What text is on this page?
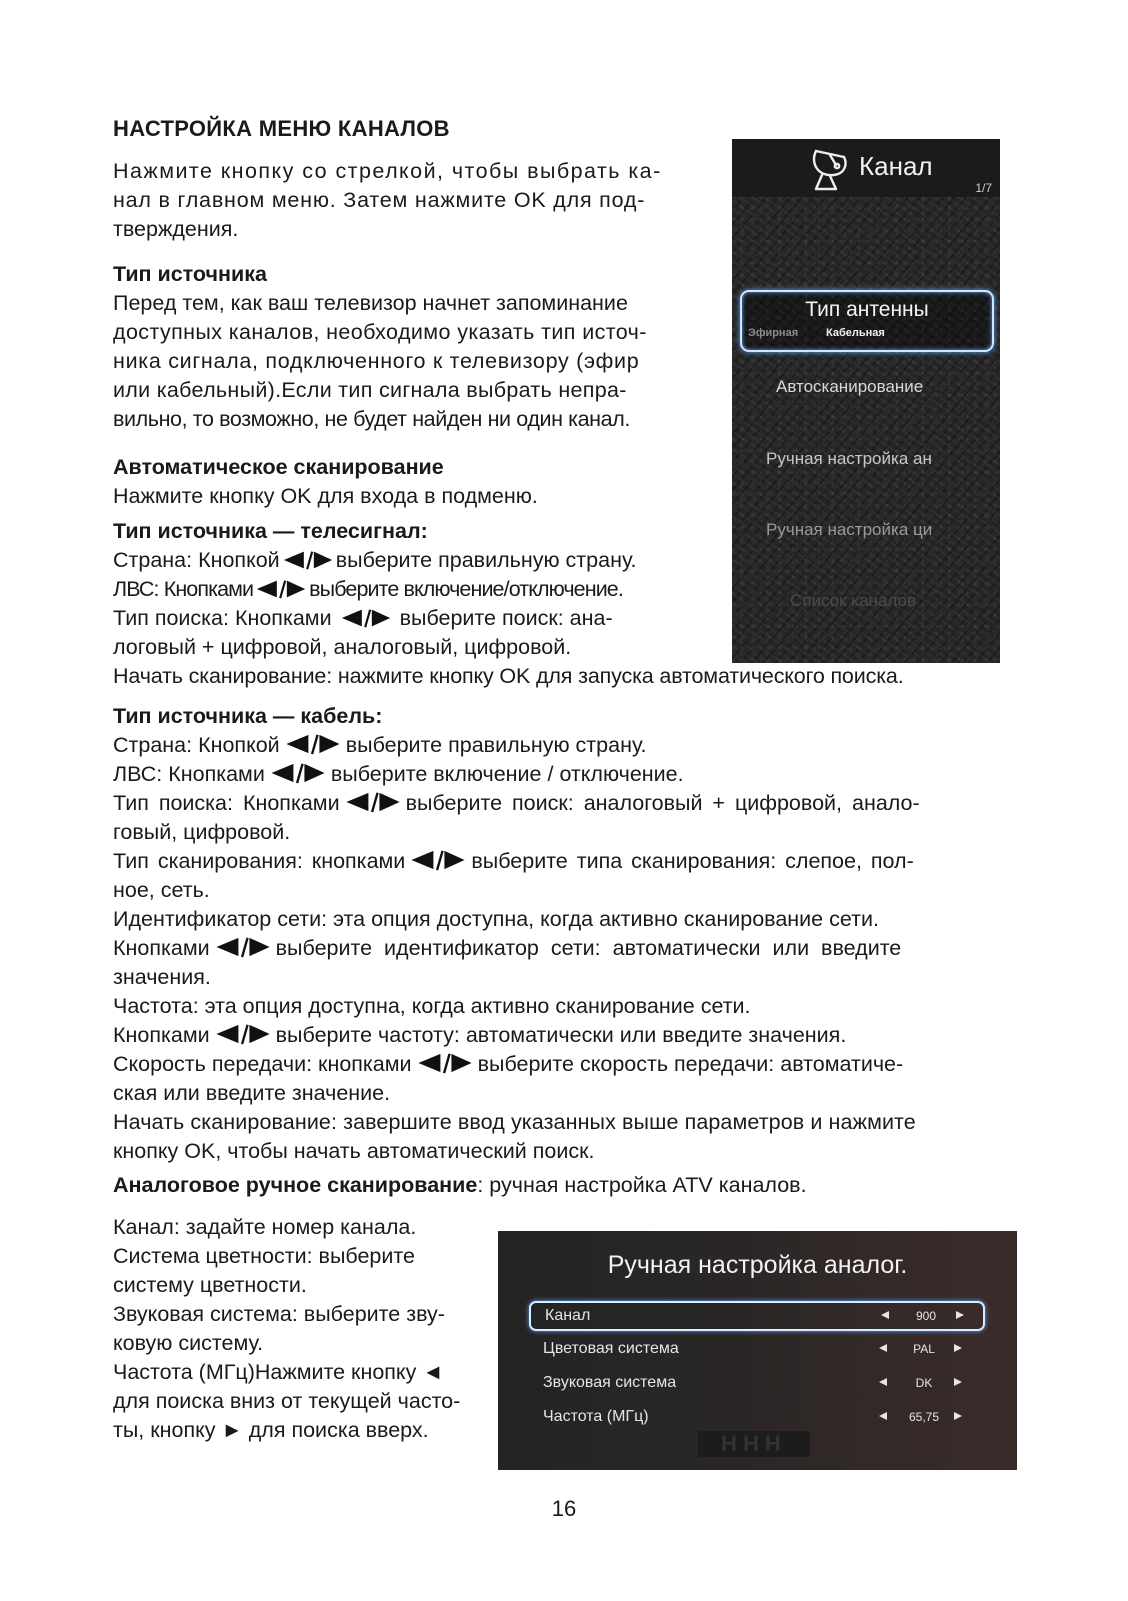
НАСТРОЙКА МЕНЮ КАНАЛОВ
Нажмите кнопку со стрелкой, чтобы выбрать ка-
нал в главном меню. Затем нажмите OK для под-
тверждения.
Тип источника
Перед тем, как ваш телевизор начнет запоминание
доступных каналов, необходимо указать тип источ-
ника сигнала, подключенного к телевизору (эфир
или кабельный).Если тип сигнала выбрать непра-
вильно, то возможно, не будет найден ни один канал.
Автоматическое сканирование
Нажмите кнопку OK для входа в подменю.
Тип источника — телесигнал:
Страна: Кнопкой	выберите правильную страну.
ЛВС: Кнопками	выберите включение/отключение.
Тип поиска: Кнопками	выберите поиск: ана-
логовый + цифровой, аналоговый, цифровой.
Начать сканирование: нажмите кнопку OK для запуска автоматического поиска.
Тип источника — кабель:
Страна: Кнопкой	выберите правильную страну.
ЛВС: Кнопками	выберите включение / отключение.
Тип поиска: Кнопками	выберите поиск: аналоговый + цифровой, анало-
говый, цифровой.
Тип сканирования: кнопками	выберите типа сканирования: слепое, пол-
ное, сеть.
Идентификатор сети: эта опция доступна, когда активно сканирование сети.
Кнопками	выберите идентификатор сети: автоматически или введите
значения.
Частота: эта опция доступна, когда активно сканирование сети.
Кнопками	выберите частоту: автоматически или введите значения.
Скорость передачи: кнопками	выберите скорость передачи: автоматиче-
ская или введите значение.
Начать сканирование: завершите ввод указанных выше параметров и нажмите
кнопку OK, чтобы начать автоматический поиск.
Аналоговое ручное сканирование: ручная настройка ATV каналов.
Канал: задайте номер канала.
Система цветности: выберите
систему цветности.
Звуковая система: выберите зву-
ковую систему.
Частота (МГц)Нажмите кнопку ◄
для поиска вниз от текущей часто-
ты, кнопку ► для поиска вверх.
Канал
1/7
Тип антенны
Эфирная	Кабельная
Автосканирование
Ручная настройка ан
Ручная настройка ци
Список каналов
Ручная настройка аналог.
Канал	900
Цветовая система	PAL
Звуковая система	DK
Частота (МГц)	65,75
HHH
16
